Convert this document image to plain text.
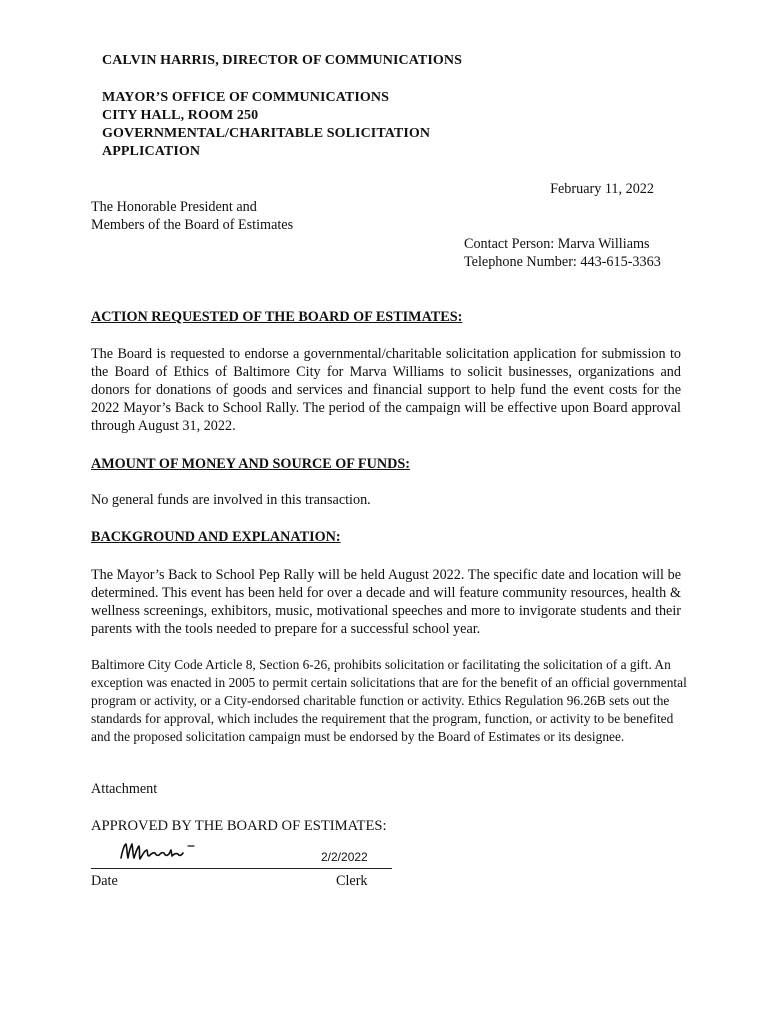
CALVIN HARRIS, DIRECTOR OF COMMUNICATIONS
MAYOR’S OFFICE OF COMMUNICATIONS
CITY HALL, ROOM 250
GOVERNMENTAL/CHARITABLE SOLICITATION
APPLICATION
February 11, 2022
The Honorable President and
Members of the Board of Estimates
Contact Person: Marva Williams
Telephone Number: 443-615-3363
ACTION REQUESTED OF THE BOARD OF ESTIMATES:
The Board is requested to endorse a governmental/charitable solicitation application for submission to the Board of Ethics of Baltimore City for Marva Williams to solicit businesses, organizations and donors for donations of goods and services and financial support to help fund the event costs for the 2022 Mayor’s Back to School Rally. The period of the campaign will be effective upon Board approval through August 31, 2022.
AMOUNT OF MONEY AND SOURCE OF FUNDS:
No general funds are involved in this transaction.
BACKGROUND AND EXPLANATION:
The Mayor’s Back to School Pep Rally will be held August 2022. The specific date and location will be determined. This event has been held for over a decade and will feature community resources, health & wellness screenings, exhibitors, music, motivational speeches and more to invigorate students and their parents with the tools needed to prepare for a successful school year.
Baltimore City Code Article 8, Section 6-26, prohibits solicitation or facilitating the solicitation of a gift. An exception was enacted in 2005 to permit certain solicitations that are for the benefit of an official governmental program or activity, or a City-endorsed charitable function or activity. Ethics Regulation 96.26B sets out the standards for approval, which includes the requirement that the program, function, or activity to be benefited and the proposed solicitation campaign must be endorsed by the Board of Estimates or its designee.
Attachment
APPROVED BY THE BOARD OF ESTIMATES:
2/2/2022
Date	Clerk
